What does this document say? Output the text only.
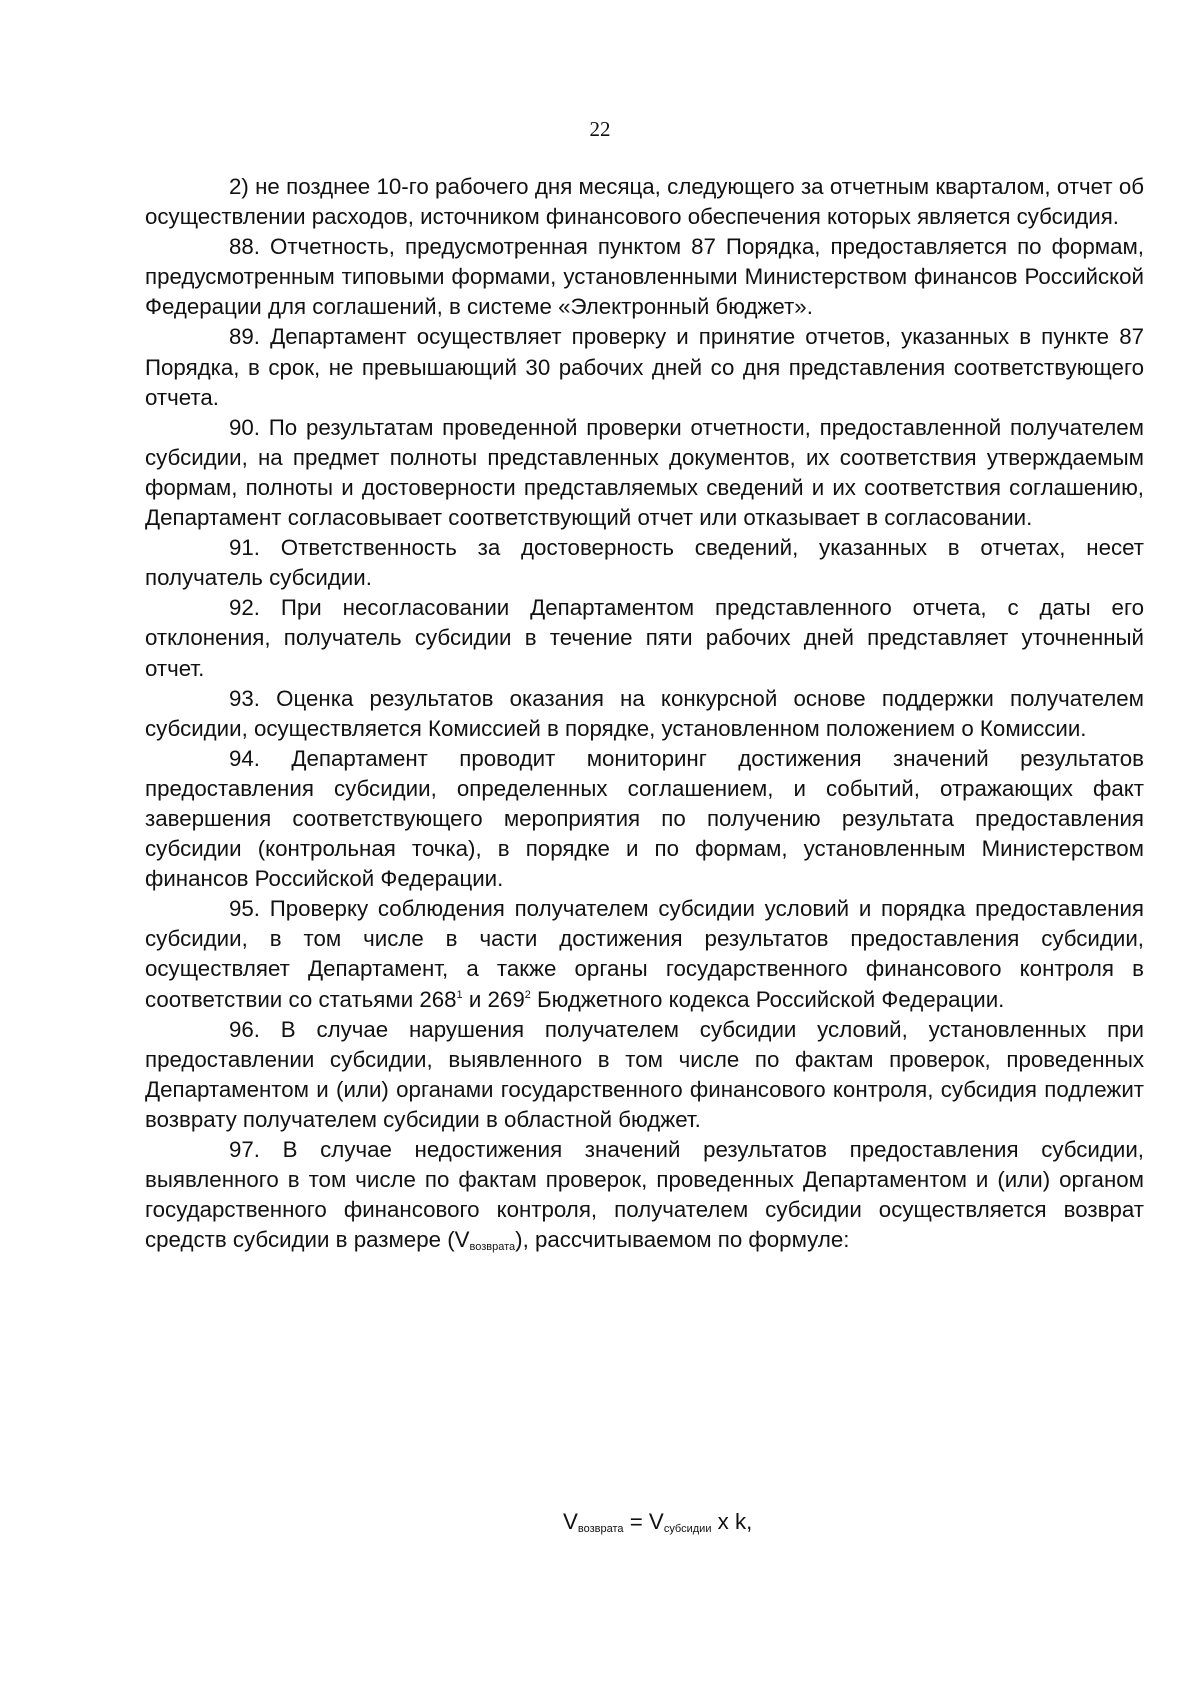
22

2) не позднее 10-го рабочего дня месяца, следующего за отчетным кварталом, отчет об осуществлении расходов, источником финансового обеспечения которых является субсидия.

88. Отчетность, предусмотренная пунктом 87 Порядка, предоставляется по формам, предусмотренным типовыми формами, установленными Министерством финансов Российской Федерации для соглашений, в системе «Электронный бюджет».

89. Департамент осуществляет проверку и принятие отчетов, указанных в пункте 87 Порядка, в срок, не превышающий 30 рабочих дней со дня представления соответствующего отчета.

90. По результатам проведенной проверки отчетности, предоставленной получателем субсидии, на предмет полноты представленных документов, их соответствия утверждаемым формам, полноты и достоверности представляемых сведений и их соответствия соглашению, Департамент согласовывает соответствующий отчет или отказывает в согласовании.

91. Ответственность за достоверность сведений, указанных в отчетах, несет получатель субсидии.

92. При несогласовании Департаментом представленного отчета, с даты его отклонения, получатель субсидии в течение пяти рабочих дней представляет уточненный отчет.

93. Оценка результатов оказания на конкурсной основе поддержки получателем субсидии, осуществляется Комиссией в порядке, установленном положением о Комиссии.

94. Департамент проводит мониторинг достижения значений результатов предоставления субсидии, определенных соглашением, и событий, отражающих факт завершения соответствующего мероприятия по получению результата предоставления субсидии (контрольная точка), в порядке и по формам, установленным Министерством финансов Российской Федерации.

95. Проверку соблюдения получателем субсидии условий и порядка предоставления субсидии, в том числе в части достижения результатов предоставления субсидии, осуществляет Департамент, а также органы государственного финансового контроля в соответствии со статьями $268^1$ и $269^2$ Бюджетного кодекса Российской Федерации.

96. В случае нарушения получателем субсидии условий, установленных при предоставлении субсидии, выявленного в том числе по фактам проверок, проведенных Департаментом и (или) органами государственного финансового контроля, субсидия подлежит возврату получателем субсидии в областной бюджет.

97. В случае недостижения значений результатов предоставления субсидии, выявленного в том числе по фактам проверок, проведенных Департаментом и (или) органом государственного финансового контроля, получателем субсидии осуществляется возврат средств субсидии в размере $(V_{возврата})$, рассчитываемом по формуле:

$V_{возврата} = V_{субсидии}$ x k,
